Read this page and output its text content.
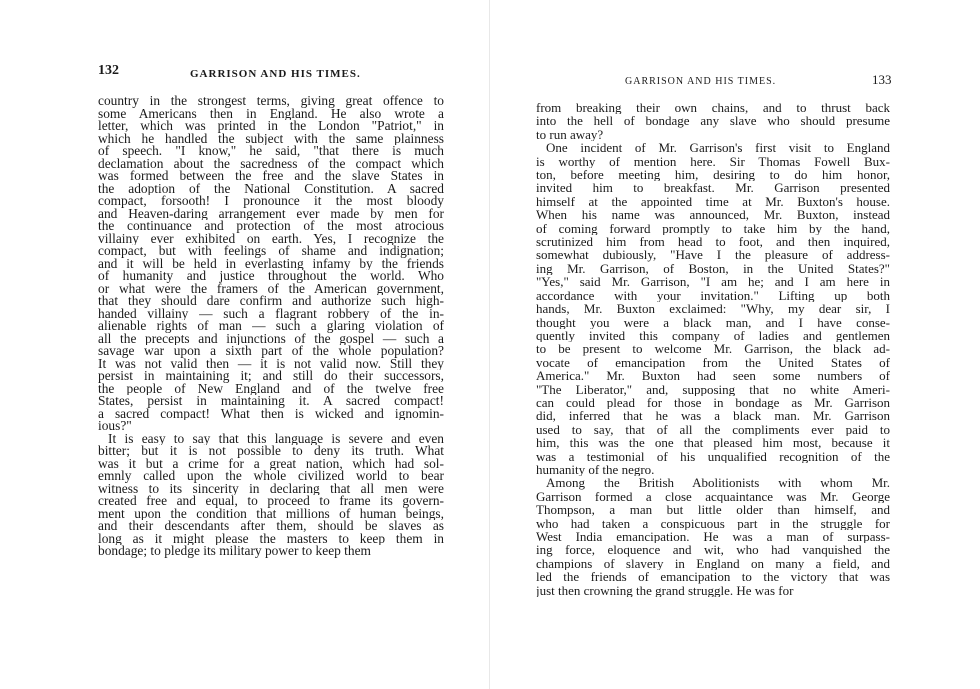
132	GARRISON AND HIS TIMES.
GARRISON AND HIS TIMES.	133
country in the strongest terms, giving great offence to
some Americans then in England. He also wrote a
letter, which was printed in the London "Patriot," in
which he handled the subject with the same plainness
of speech. "I know," he said, "that there is much
declamation about the sacredness of the compact which
was formed between the free and the slave States in
the adoption of the National Constitution. A sacred
compact, forsooth! I pronounce it the most bloody
and Heaven-daring arrangement ever made by men for
the continuance and protection of the most atrocious
villainy ever exhibited on earth. Yes, I recognize the
compact, but with feelings of shame and indignation;
and it will be held in everlasting infamy by the friends
of humanity and justice throughout the world. Who
or what were the framers of the American government,
that they should dare confirm and authorize such high-
handed villainy — such a flagrant robbery of the in-
alienable rights of man — such a glaring violation of
all the precepts and injunctions of the gospel — such a
savage war upon a sixth part of the whole population?
It was not valid then — it is not valid now. Still they
persist in maintaining it; and still do their successors,
the people of New England and of the twelve free
States, persist in maintaining it. A sacred compact!
a sacred compact! What then is wicked and ignomin-
ious?"
It is easy to say that this language is severe and even
bitter; but it is not possible to deny its truth. What
was it but a crime for a great nation, which had sol-
emnly called upon the whole civilized world to bear
witness to its sincerity in declaring that all men were
created free and equal, to proceed to frame its govern-
ment upon the condition that millions of human beings,
and their descendants after them, should be slaves as
long as it might please the masters to keep them in
bondage; to pledge its military power to keep them
from breaking their own chains, and to thrust back
into the hell of bondage any slave who should presume
to run away?
One incident of Mr. Garrison's first visit to England
is worthy of mention here. Sir Thomas Fowell Bux-
ton, before meeting him, desiring to do him honor,
invited him to breakfast. Mr. Garrison presented
himself at the appointed time at Mr. Buxton's house.
When his name was announced, Mr. Buxton, instead
of coming forward promptly to take him by the hand,
scrutinized him from head to foot, and then inquired,
somewhat dubiously, "Have I the pleasure of address-
ing Mr. Garrison, of Boston, in the United States?"
"Yes," said Mr. Garrison, "I am he; and I am here in
accordance with your invitation." Lifting up both
hands, Mr. Buxton exclaimed: "Why, my dear sir, I
thought you were a black man, and I have conse-
quently invited this company of ladies and gentlemen
to be present to welcome Mr. Garrison, the black ad-
vocate of emancipation from the United States of
America." Mr. Buxton had seen some numbers of
"The Liberator," and, supposing that no white Ameri-
can could plead for those in bondage as Mr. Garrison
did, inferred that he was a black man. Mr. Garrison
used to say, that of all the compliments ever paid to
him, this was the one that pleased him most, because it
was a testimonial of his unqualified recognition of the
humanity of the negro.
Among the British Abolitionists with whom Mr.
Garrison formed a close acquaintance was Mr. George
Thompson, a man but little older than himself, and
who had taken a conspicuous part in the struggle for
West India emancipation. He was a man of surpass-
ing force, eloquence and wit, who had vanquished the
champions of slavery in England on many a field, and
led the friends of emancipation to the victory that was
just then crowning the grand struggle. He was for
